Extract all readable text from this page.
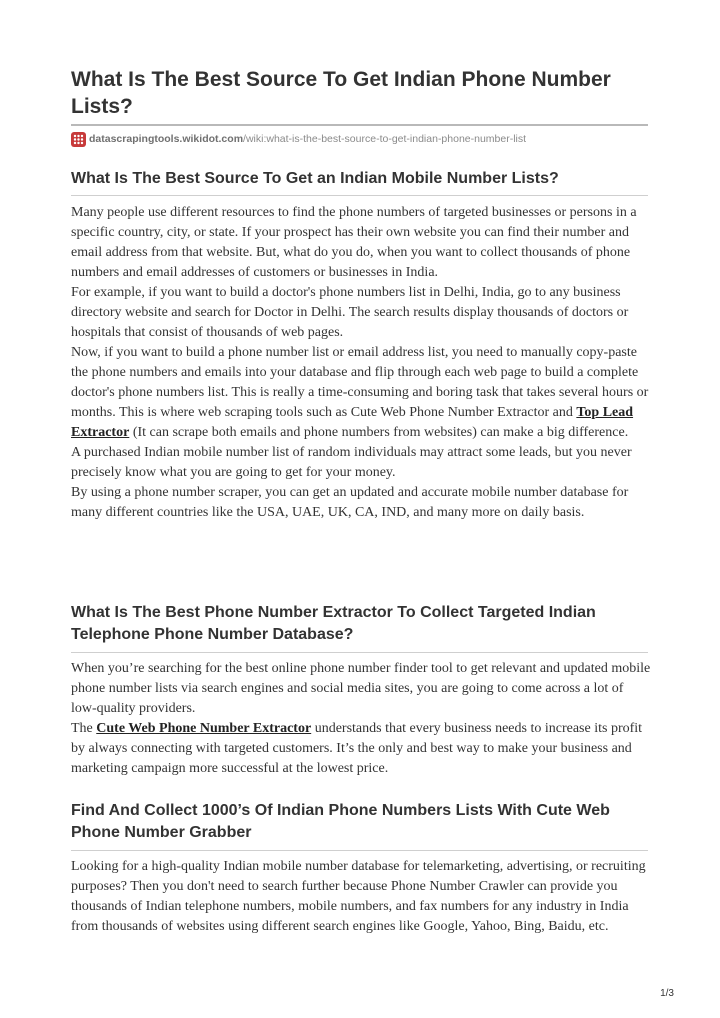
What Is The Best Source To Get Indian Phone Number Lists?
datascrapingtools.wikidot.com /wiki:what-is-the-best-source-to-get-indian-phone-number-list
What Is The Best Source To Get an Indian Mobile Number Lists?

Many people use different resources to find the phone numbers of targeted businesses or persons in a specific country, city, or state. If your prospect has their own website you can find their number and email address from that website. But, what do you do, when you want to collect thousands of phone numbers and email addresses of customers or businesses in India.

For example, if you want to build a doctor's phone numbers list in Delhi, India, go to any business directory website and search for Doctor in Delhi. The search results display thousands of doctors or hospitals that consist of thousands of web pages.

Now, if you want to build a phone number list or email address list, you need to manually copy-paste the phone numbers and emails into your database and flip through each web page to build a complete doctor's phone numbers list. This is really a time-consuming and boring task that takes several hours or months. This is where web scraping tools such as Cute Web Phone Number Extractor and Top Lead Extractor (It can scrape both emails and phone numbers from websites) can make a big difference.

A purchased Indian mobile number list of random individuals may attract some leads, but you never precisely know what you are going to get for your money.

By using a phone number scraper, you can get an updated and accurate mobile number database for many different countries like the USA, UAE, UK, CA, IND, and many more on daily basis.

What Is The Best Phone Number Extractor To Collect Targeted Indian Telephone Phone Number Database?

When you’re searching for the best online phone number finder tool to get relevant and updated mobile phone number lists via search engines and social media sites, you are going to come across a lot of low-quality providers.

The Cute Web Phone Number Extractor understands that every business needs to increase its profit by always connecting with targeted customers. It’s the only and best way to make your business and marketing campaign more successful at the lowest price.

Find And Collect 1000’s Of Indian Phone Numbers Lists With Cute Web Phone Number Grabber

Looking for a high-quality Indian mobile number database for telemarketing, advertising, or recruiting purposes? Then you don't need to search further because Phone Number Crawler can provide you thousands of Indian telephone numbers, mobile numbers, and fax numbers for any industry in India from thousands of websites using different search engines like Google, Yahoo, Bing, Baidu, etc.

1/3
